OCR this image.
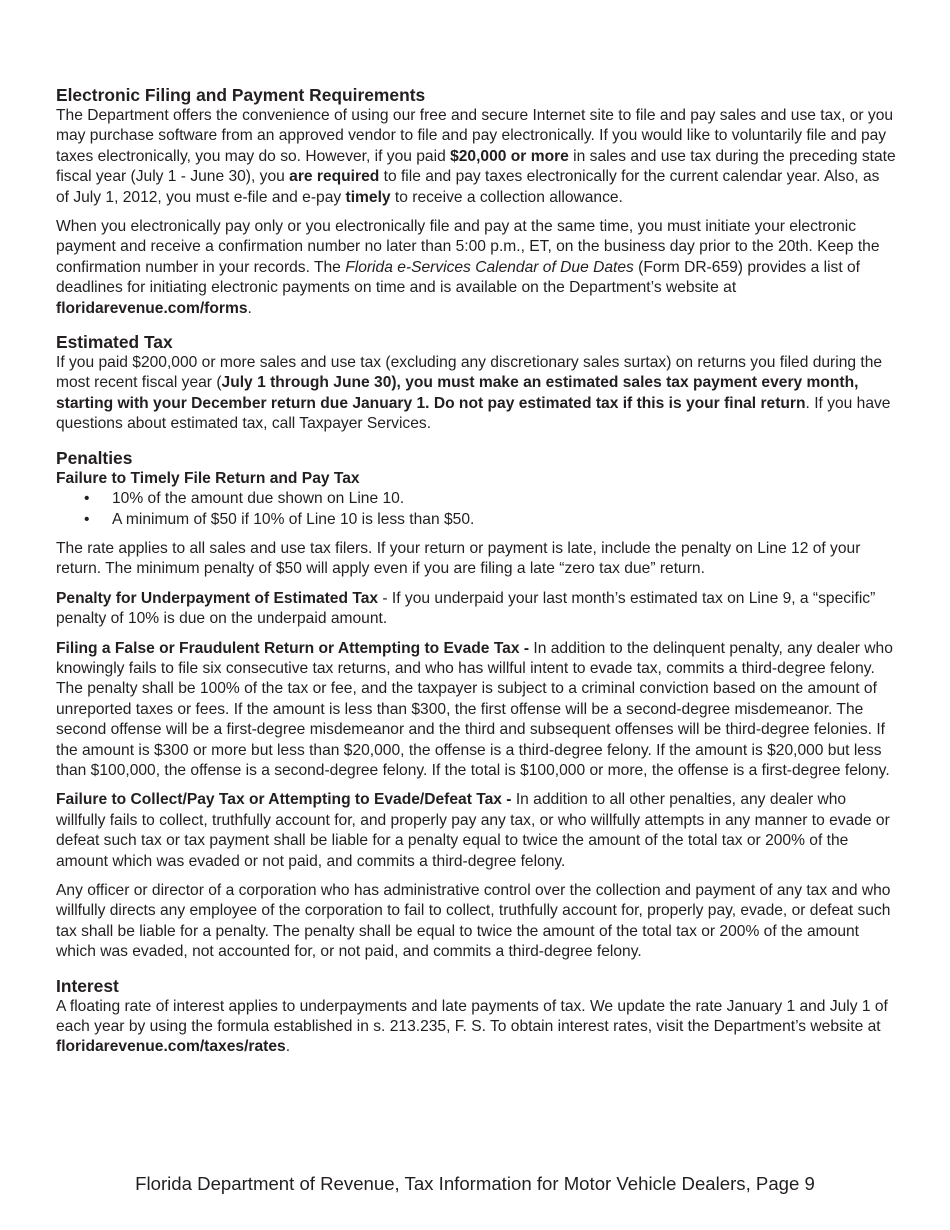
Electronic Filing and Payment Requirements

The Department offers the convenience of using our free and secure Internet site to file and pay sales and use tax, or you may purchase software from an approved vendor to file and pay electronically. If you would like to voluntarily file and pay taxes electronically, you may do so. However, if you paid $20,000 or more in sales and use tax during the preceding state fiscal year (July 1 - June 30), you are required to file and pay taxes electronically for the current calendar year. Also, as of July 1, 2012, you must e-file and e-pay timely to receive a collection allowance.

When you electronically pay only or you electronically file and pay at the same time, you must initiate your electronic payment and receive a confirmation number no later than 5:00 p.m., ET, on the business day prior to the 20th. Keep the confirmation number in your records. The Florida e-Services Calendar of Due Dates (Form DR-659) provides a list of deadlines for initiating electronic payments on time and is available on the Department’s website at floridarevenue.com/forms.

Estimated Tax

If you paid $200,000 or more sales and use tax (excluding any discretionary sales surtax) on returns you filed during the most recent fiscal year (July 1 through June 30), you must make an estimated sales tax payment every month, starting with your December return due January 1. Do not pay estimated tax if this is your final return. If you have questions about estimated tax, call Taxpayer Services.

Penalties
Failure to Timely File Return and Pay Tax
• 10% of the amount due shown on Line 10.
• A minimum of $50 if 10% of Line 10 is less than $50.

The rate applies to all sales and use tax filers. If your return or payment is late, include the penalty on Line 12 of your return. The minimum penalty of $50 will apply even if you are filing a late “zero tax due” return.

Penalty for Underpayment of Estimated Tax - If you underpaid your last month’s estimated tax on Line 9, a “specific” penalty of 10% is due on the underpaid amount.

Filing a False or Fraudulent Return or Attempting to Evade Tax - In addition to the delinquent penalty, any dealer who knowingly fails to file six consecutive tax returns, and who has willful intent to evade tax, commits a third-degree felony. The penalty shall be 100% of the tax or fee, and the taxpayer is subject to a criminal conviction based on the amount of unreported taxes or fees. If the amount is less than $300, the first offense will be a second-degree misdemeanor. The second offense will be a first-degree misdemeanor and the third and subsequent offenses will be third-degree felonies. If the amount is $300 or more but less than $20,000, the offense is a third-degree felony. If the amount is $20,000 but less than $100,000, the offense is a second-degree felony. If the total is $100,000 or more, the offense is a first-degree felony.

Failure to Collect/Pay Tax or Attempting to Evade/Defeat Tax - In addition to all other penalties, any dealer who willfully fails to collect, truthfully account for, and properly pay any tax, or who willfully attempts in any manner to evade or defeat such tax or tax payment shall be liable for a penalty equal to twice the amount of the total tax or 200% of the amount which was evaded or not paid, and commits a third-degree felony.

Any officer or director of a corporation who has administrative control over the collection and payment of any tax and who willfully directs any employee of the corporation to fail to collect, truthfully account for, properly pay, evade, or defeat such tax shall be liable for a penalty. The penalty shall be equal to twice the amount of the total tax or 200% of the amount which was evaded, not accounted for, or not paid, and commits a third-degree felony.

Interest

A floating rate of interest applies to underpayments and late payments of tax. We update the rate January 1 and July 1 of each year by using the formula established in s. 213.235, F. S. To obtain interest rates, visit the Department’s website at floridarevenue.com/taxes/rates.

Florida Department of Revenue, Tax Information for Motor Vehicle Dealers, Page 9
